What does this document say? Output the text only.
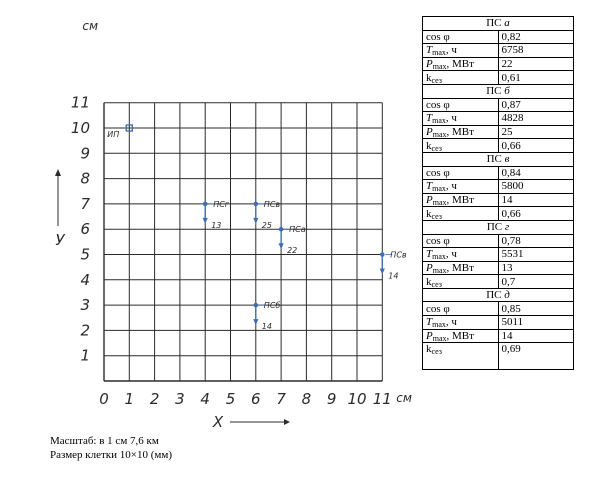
0 1 2 3 4 5 6 7 8 9 10 11
1
2
3
4
5
6
7
8
9
10
11
см
см
X
У
ИП
ПСг
13
ПСв
25 ПСа
22	ПСв
14
ПСб
14
Масштаб: в 1 см 7,6 км
Размер клетки 10×10 (мм)
ПС а	
cos φ	0,82
$T_{max}$, ч	6758
$P_{max}$, МВт	22
$k_{сез}$	0,61
ПС б	
cos φ	0,87
$T_{max}$, ч	4828
$P_{max}$, МВт	25
$k_{сез}$	0,66
ПС в	
cos φ	0,84
$T_{max}$, ч	5800
$P_{max}$, МВт	14
$k_{сез}$	0,66
ПС г	
cos φ	0,78
$T_{max}$, ч	5531
$P_{max}$, МВт	13
$k_{сез}$	0,7
ПС д	
cos φ	0,85
$T_{max}$, ч	5011
$P_{max}$, МВт	14
$k_{сез}$	0,69
